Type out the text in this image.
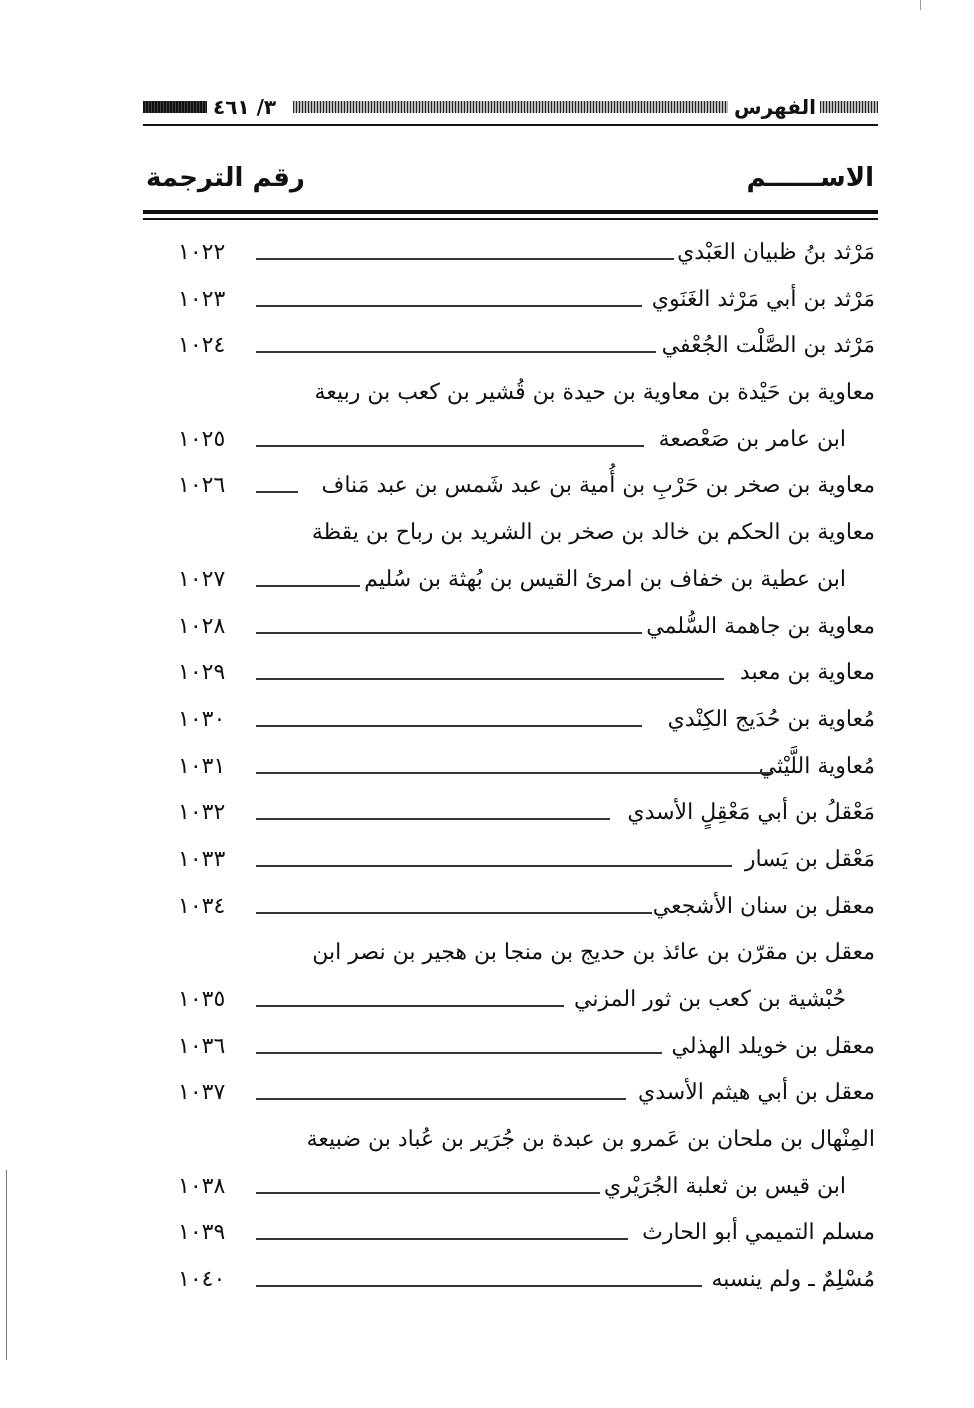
٣/ ٤٦١	الفهرس
الاســــــم
رقم الترجمة
مَرْثد بنُ ظبيان العَبْدي
١٠٢٢
مَرْثد بن أبي مَرْثد الغَنَوي
١٠٢٣
مَرْثد بن الصَّلْت الجُعْفي
١٠٢٤
معاوية بن حَيْدة بن معاوية بن حيدة بن قُشير بن كعب بن ربيعة
ابن عامر بن صَعْصعة
١٠٢٥
معاوية بن صخر بن حَرْبِ بن أُمية بن عبد شَمس بن عبد مَناف
١٠٢٦
معاوية بن الحكم بن خالد بن صخر بن الشريد بن رباح بن يقظة
ابن عطية بن خفاف بن امرئ القيس بن بُهثة بن سُليم
١٠٢٧
معاوية بن جاهمة السُّلمي
١٠٢٨
معاوية بن معبد
١٠٢٩
مُعاوية بن حُدَيج الكِنْدي
١٠٣٠
مُعاوية اللَّيْثي
١٠٣١
مَعْقلُ بن أبي مَعْقِلٍ الأسدي
١٠٣٢
مَعْقل بن يَسار
١٠٣٣
معقل بن سنان الأشجعي
١٠٣٤
معقل بن مقرّن بن عائذ بن حديج بن منجا بن هجير بن نصر ابن
حُبْشية بن كعب بن ثور المزني
١٠٣٥
معقل بن خويلد الهذلي
١٠٣٦
معقل بن أبي هيثم الأسدي
١٠٣٧
المِنْهال بن ملحان بن عَمرو بن عبدة بن جُرَير بن عُباد بن ضبيعة
ابن قيس بن ثعلبة الجُرَيْري
١٠٣٨
مسلم التميمي أبو الحارث
١٠٣٩
مُسْلِمٌ ـ ولم ينسبه
١٠٤٠
